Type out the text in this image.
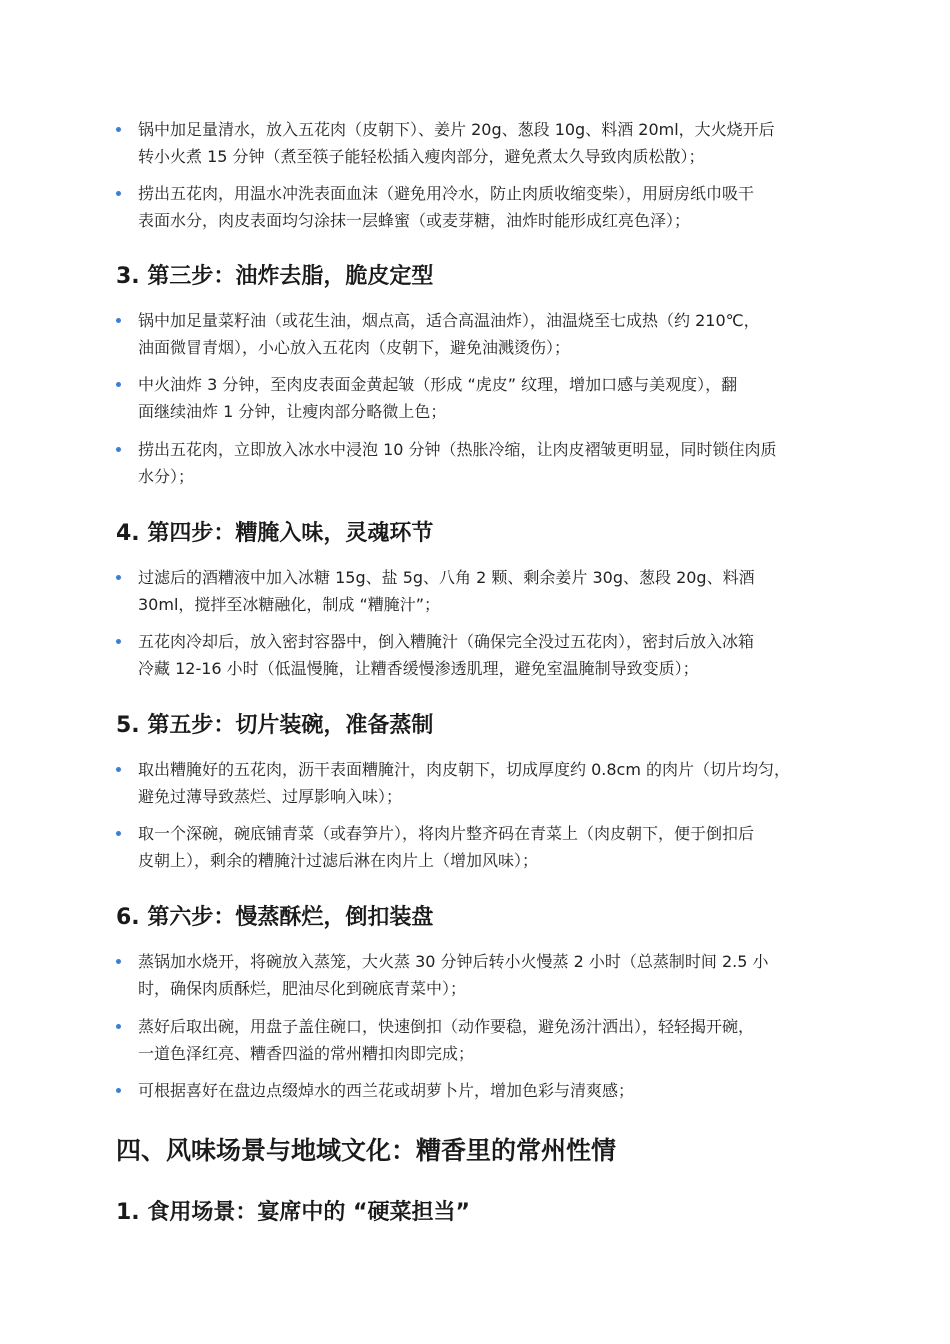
锅中加足量清水，放入五花肉（皮朝下）、姜片 20g、葱段 10g、料酒 20ml，大火烧开后
转小火煮 15 分钟（煮至筷子能轻松插入瘦肉部分，避免煮太久导致肉质松散）；

捞出五花肉，用温水冲洗表面血沫（避免用冷水，防止肉质收缩变柴），用厨房纸巾吸干
表面水分，肉皮表面均匀涂抹一层蜂蜜（或麦芽糖，油炸时能形成红亮色泽）；

3. 第三步：油炸去脂，脆皮定型

锅中加足量菜籽油（或花生油，烟点高，适合高温油炸），油温烧至七成热（约 210℃，
油面微冒青烟），小心放入五花肉（皮朝下，避免油溅烫伤）；

中火油炸 3 分钟，至肉皮表面金黄起皱（形成 “虎皮” 纹理，增加口感与美观度），翻
面继续油炸 1 分钟，让瘦肉部分略微上色；

捞出五花肉，立即放入冰水中浸泡 10 分钟（热胀冷缩，让肉皮褶皱更明显，同时锁住肉质
水分）；

4. 第四步：糟腌入味，灵魂环节

过滤后的酒糟液中加入冰糖 15g、盐 5g、八角 2 颗、剩余姜片 30g、葱段 20g、料酒
30ml，搅拌至冰糖融化，制成 “糟腌汁”；

五花肉冷却后，放入密封容器中，倒入糟腌汁（确保完全没过五花肉），密封后放入冰箱
冷藏 12-16 小时（低温慢腌，让糟香缓慢渗透肌理，避免室温腌制导致变质）；

5. 第五步：切片装碗，准备蒸制

取出糟腌好的五花肉，沥干表面糟腌汁，肉皮朝下，切成厚度约 0.8cm 的肉片（切片均匀，
避免过薄导致蒸烂、过厚影响入味）；

取一个深碗，碗底铺青菜（或春笋片），将肉片整齐码在青菜上（肉皮朝下，便于倒扣后
皮朝上），剩余的糟腌汁过滤后淋在肉片上（增加风味）；

6. 第六步：慢蒸酥烂，倒扣装盘

蒸锅加水烧开，将碗放入蒸笼，大火蒸 30 分钟后转小火慢蒸 2 小时（总蒸制时间 2.5 小
时，确保肉质酥烂，肥油尽化到碗底青菜中）；

蒸好后取出碗，用盘子盖住碗口，快速倒扣（动作要稳，避免汤汁洒出），轻轻揭开碗，
一道色泽红亮、糟香四溢的常州糟扣肉即完成；

可根据喜好在盘边点缀焯水的西兰花或胡萝卜片，增加色彩与清爽感；

四、风味场景与地域文化：糟香里的常州性情
1. 食用场景：宴席中的 “硬菜担当”
